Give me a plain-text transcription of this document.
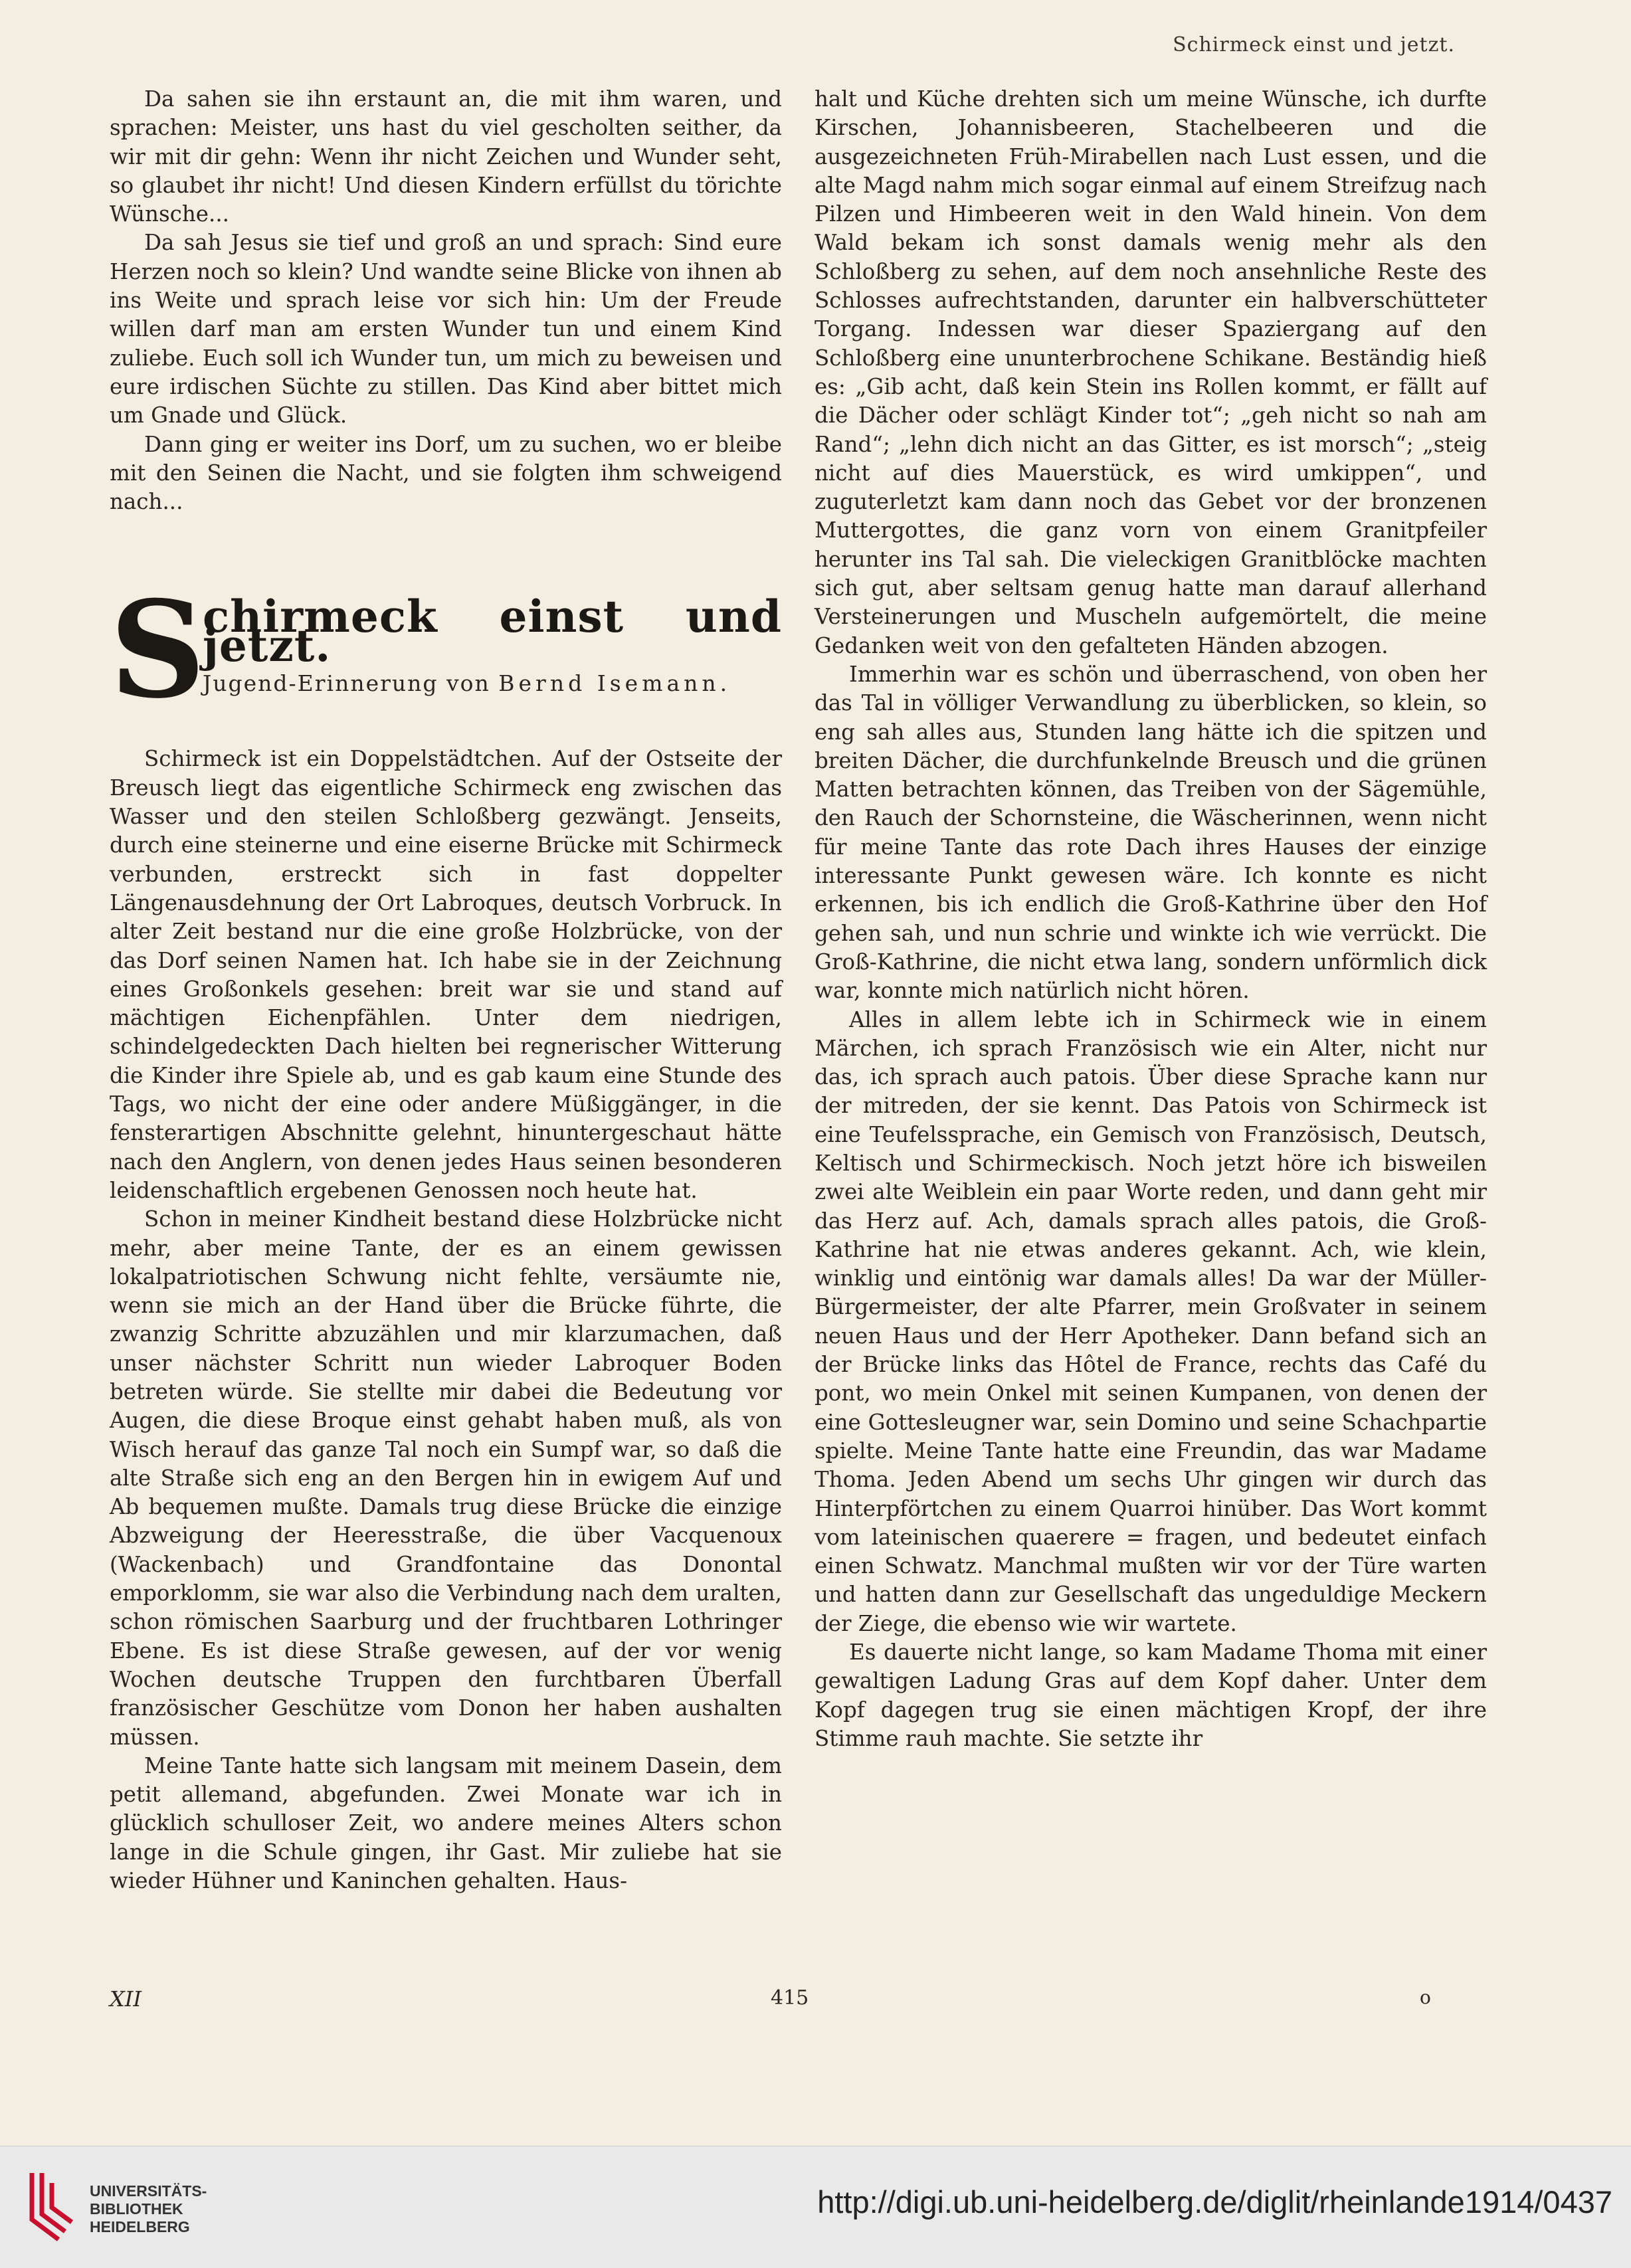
Schirmeck einst und jetzt.

Da sahen sie ihn erstaunt an, die mit ihm waren, und sprachen: Meister, uns hast du viel gescholten seither, da wir mit dir gehn: Wenn ihr nicht Zeichen und Wunder seht, so glaubet ihr nicht! Und diesen Kindern erfüllst du törichte Wünsche...

Da sah Jesus sie tief und groß an und sprach: Sind eure Herzen noch so klein? Und wandte seine Blicke von ihnen ab ins Weite und sprach leise vor sich hin: Um der Freude willen darf man am ersten Wunder tun und einem Kind zuliebe. Euch soll ich Wunder tun, um mich zu beweisen und eure irdischen Süchte zu stillen. Das Kind aber bittet mich um Gnade und Glück.

Dann ging er weiter ins Dorf, um zu suchen, wo er bleibe mit den Seinen die Nacht, und sie folgten ihm schweigend nach...

S
chirmeck einst und jetzt.
Jugend-Erinnerung von Bernd Isemann.

Schirmeck ist ein Doppelstädtchen. Auf der Ostseite der Breusch liegt das eigentliche Schirmeck eng zwischen das Wasser und den steilen Schloßberg gezwängt. Jenseits, durch eine steinerne und eine eiserne Brücke mit Schirmeck verbunden, erstreckt sich in fast doppelter Längenausdehnung der Ort Labroques, deutsch Vorbruck. In alter Zeit bestand nur die eine große Holzbrücke, von der das Dorf seinen Namen hat. Ich habe sie in der Zeichnung eines Großonkels gesehen: breit war sie und stand auf mächtigen Eichenpfählen. Unter dem niedrigen, schindelgedeckten Dach hielten bei regnerischer Witterung die Kinder ihre Spiele ab, und es gab kaum eine Stunde des Tags, wo nicht der eine oder andere Müßiggänger, in die fensterartigen Abschnitte gelehnt, hinuntergeschaut hätte nach den Anglern, von denen jedes Haus seinen besonderen leidenschaftlich ergebenen Genossen noch heute hat.

Schon in meiner Kindheit bestand diese Holzbrücke nicht mehr, aber meine Tante, der es an einem gewissen lokalpatriotischen Schwung nicht fehlte, versäumte nie, wenn sie mich an der Hand über die Brücke führte, die zwanzig Schritte abzuzählen und mir klarzumachen, daß unser nächster Schritt nun wieder Labroquer Boden betreten würde. Sie stellte mir dabei die Bedeutung vor Augen, die diese Broque einst gehabt haben muß, als von Wisch herauf das ganze Tal noch ein Sumpf war, so daß die alte Straße sich eng an den Bergen hin in ewigem Auf und Ab bequemen mußte. Damals trug diese Brücke die einzige Abzweigung der Heeresstraße, die über Vacquenoux (Wackenbach) und Grandfontaine das Donontal emporklomm, sie war also die Verbindung nach dem uralten, schon römischen Saarburg und der fruchtbaren Lothringer Ebene. Es ist diese Straße gewesen, auf der vor wenig Wochen deutsche Truppen den furchtbaren Überfall französischer Geschütze vom Donon her haben aushalten müssen.

Meine Tante hatte sich langsam mit meinem Dasein, dem petit allemand, abgefunden. Zwei Monate war ich in glücklich schulloser Zeit, wo andere meines Alters schon lange in die Schule gingen, ihr Gast. Mir zuliebe hat sie wieder Hühner und Kaninchen gehalten. Haus-

halt und Küche drehten sich um meine Wünsche, ich durfte Kirschen, Johannisbeeren, Stachelbeeren und die ausgezeichneten Früh-Mirabellen nach Lust essen, und die alte Magd nahm mich sogar einmal auf einem Streifzug nach Pilzen und Himbeeren weit in den Wald hinein. Von dem Wald bekam ich sonst damals wenig mehr als den Schloßberg zu sehen, auf dem noch ansehnliche Reste des Schlosses aufrechtstanden, darunter ein halbverschütteter Torgang. Indessen war dieser Spaziergang auf den Schloßberg eine ununterbrochene Schikane. Beständig hieß es: „Gib acht, daß kein Stein ins Rollen kommt, er fällt auf die Dächer oder schlägt Kinder tot“; „geh nicht so nah am Rand“; „lehn dich nicht an das Gitter, es ist morsch“; „steig nicht auf dies Mauerstück, es wird umkippen“, und zuguterletzt kam dann noch das Gebet vor der bronzenen Muttergottes, die ganz vorn von einem Granitpfeiler herunter ins Tal sah. Die vieleckigen Granitblöcke machten sich gut, aber seltsam genug hatte man darauf allerhand Versteinerungen und Muscheln aufgemörtelt, die meine Gedanken weit von den gefalteten Händen abzogen.

Immerhin war es schön und überraschend, von oben her das Tal in völliger Verwandlung zu überblicken, so klein, so eng sah alles aus, Stunden lang hätte ich die spitzen und breiten Dächer, die durchfunkelnde Breusch und die grünen Matten betrachten können, das Treiben von der Sägemühle, den Rauch der Schornsteine, die Wäscherinnen, wenn nicht für meine Tante das rote Dach ihres Hauses der einzige interessante Punkt gewesen wäre. Ich konnte es nicht erkennen, bis ich endlich die Groß-Kathrine über den Hof gehen sah, und nun schrie und winkte ich wie verrückt. Die Groß-Kathrine, die nicht etwa lang, sondern unförmlich dick war, konnte mich natürlich nicht hören.

Alles in allem lebte ich in Schirmeck wie in einem Märchen, ich sprach Französisch wie ein Alter, nicht nur das, ich sprach auch patois. Über diese Sprache kann nur der mitreden, der sie kennt. Das Patois von Schirmeck ist eine Teufelssprache, ein Gemisch von Französisch, Deutsch, Keltisch und Schirmeckisch. Noch jetzt höre ich bisweilen zwei alte Weiblein ein paar Worte reden, und dann geht mir das Herz auf. Ach, damals sprach alles patois, die Groß-Kathrine hat nie etwas anderes gekannt. Ach, wie klein, winklig und eintönig war damals alles! Da war der Müller-Bürgermeister, der alte Pfarrer, mein Großvater in seinem neuen Haus und der Herr Apotheker. Dann befand sich an der Brücke links das Hôtel de France, rechts das Café du pont, wo mein Onkel mit seinen Kumpanen, von denen der eine Gottesleugner war, sein Domino und seine Schachpartie spielte. Meine Tante hatte eine Freundin, das war Madame Thoma. Jeden Abend um sechs Uhr gingen wir durch das Hinterpförtchen zu einem Quarroi hinüber. Das Wort kommt vom lateinischen quaerere = fragen, und bedeutet einfach einen Schwatz. Manchmal mußten wir vor der Türe warten und hatten dann zur Gesellschaft das ungeduldige Meckern der Ziege, die ebenso wie wir wartete.

Es dauerte nicht lange, so kam Madame Thoma mit einer gewaltigen Ladung Gras auf dem Kopf daher. Unter dem Kopf dagegen trug sie einen mächtigen Kropf, der ihre Stimme rauh machte. Sie setzte ihr

XII	415	o
UNIVERSITÄTS-
BIBLIOTHEK
HEIDELBERG
http://digi.ub.uni-heidelberg.de/diglit/rheinlande1914/0437
